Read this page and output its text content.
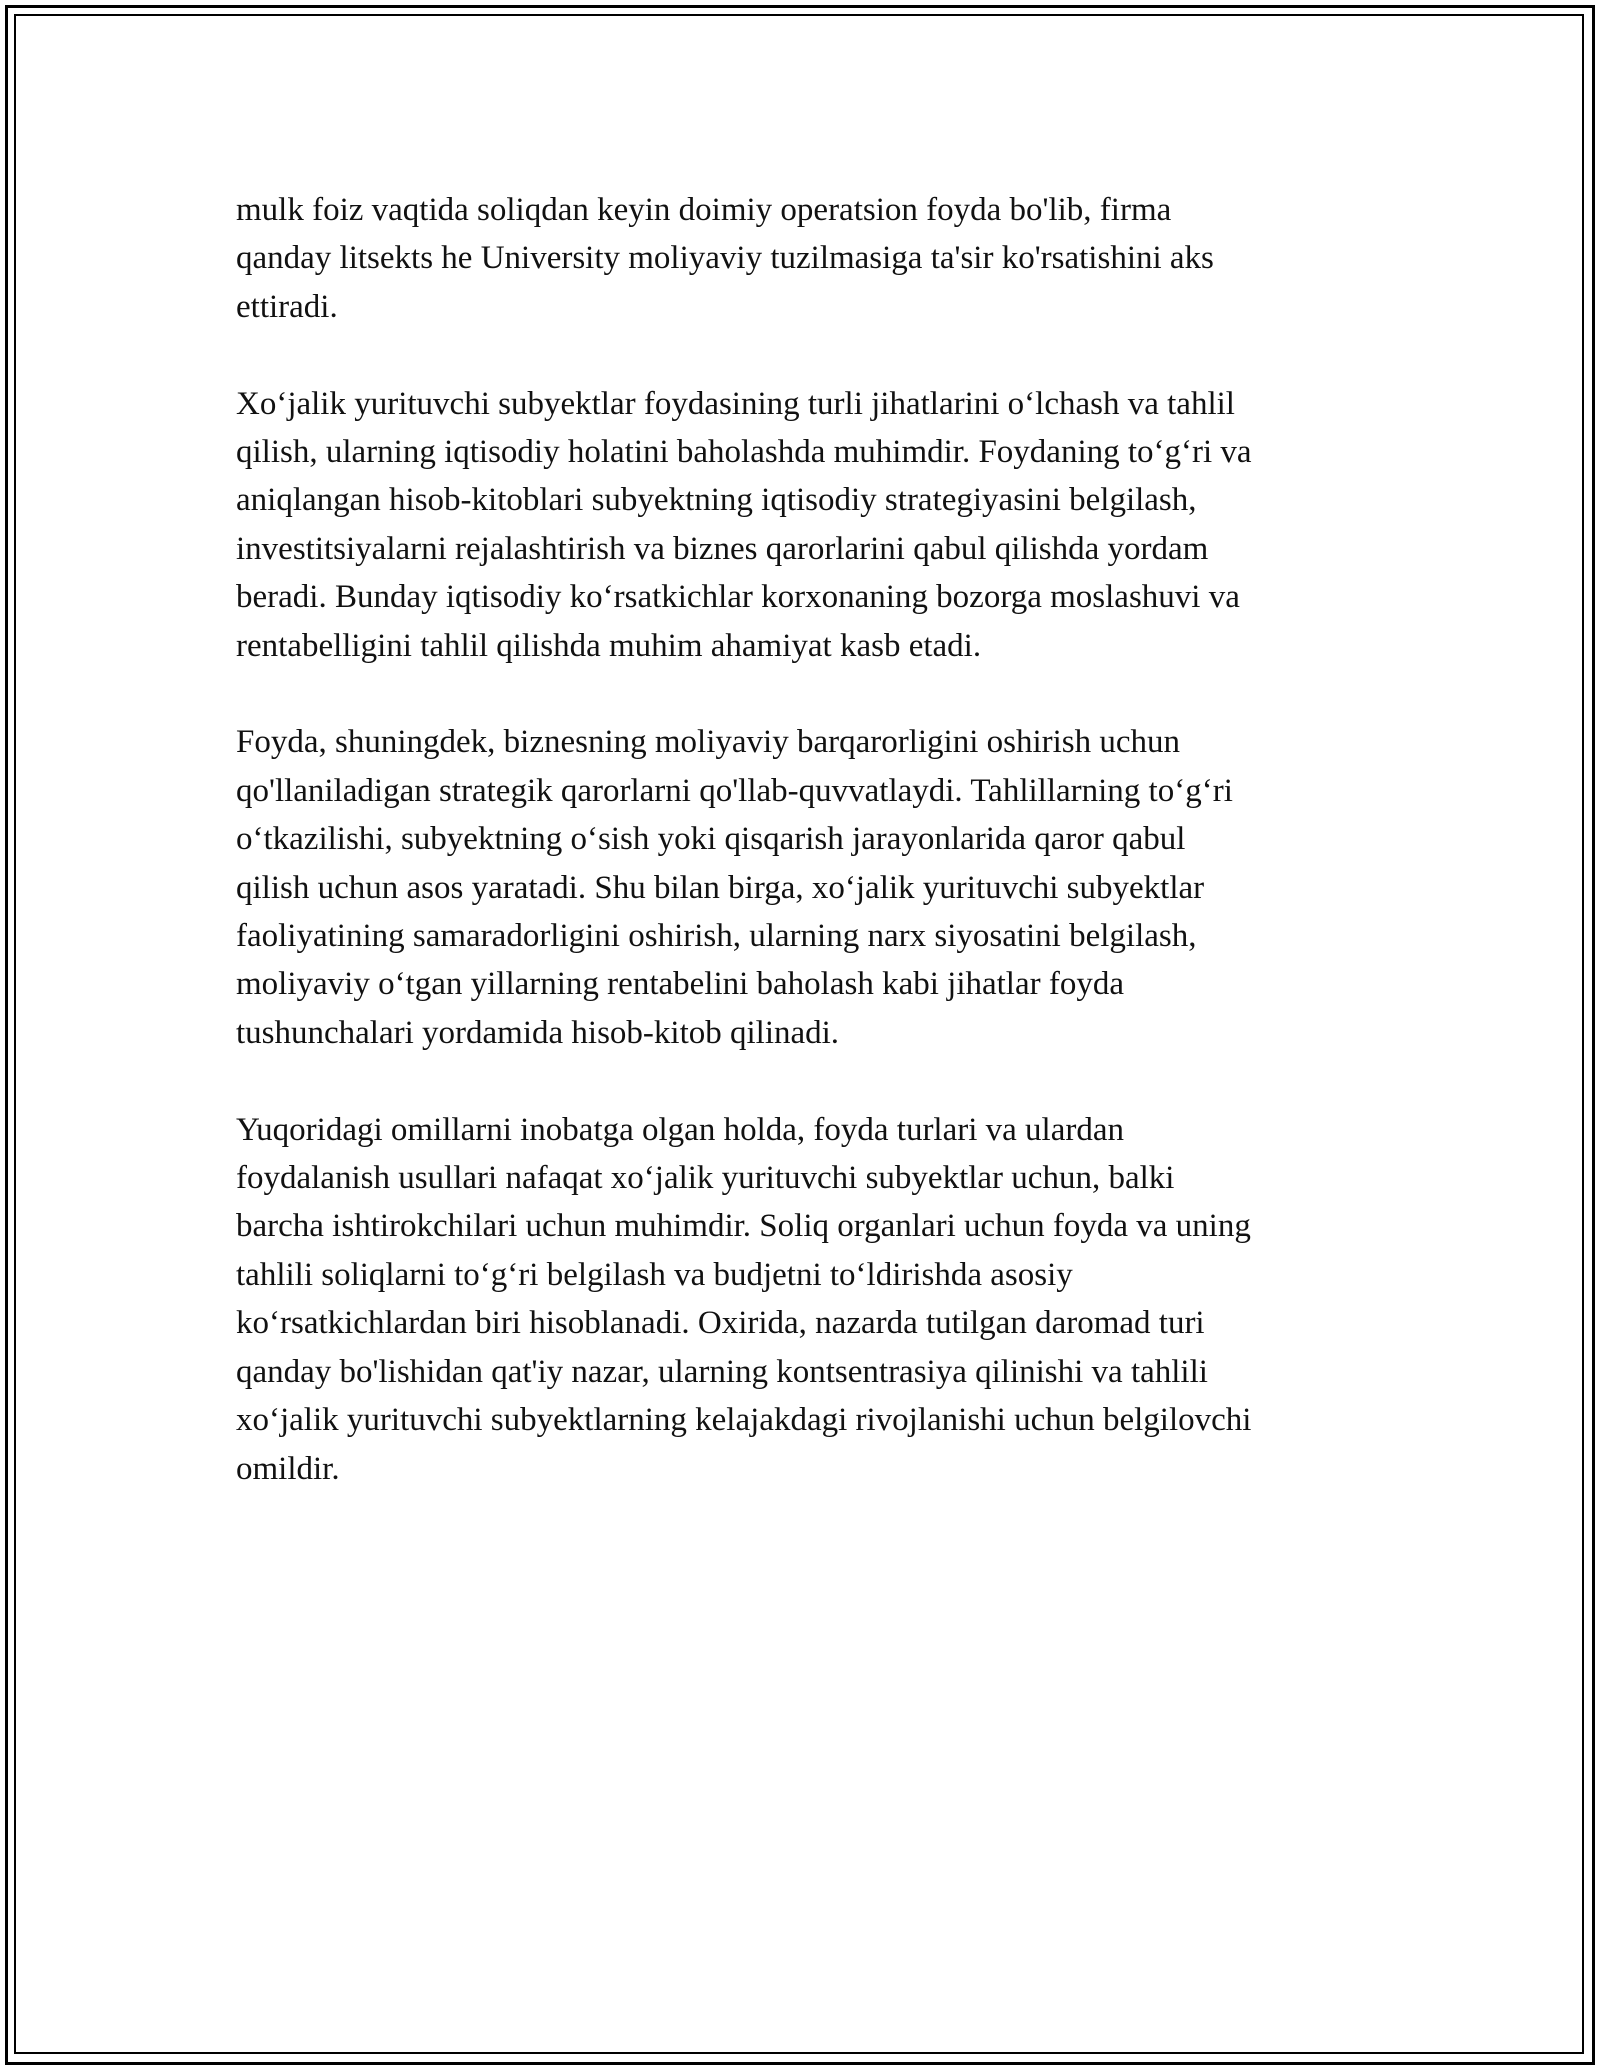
mulk foiz vaqtida soliqdan keyin doimiy operatsion foyda bo'lib, firma
qanday litsekts he University moliyaviy tuzilmasiga ta'sir ko'rsatishini aks
ettiradi.

Xo‘jalik yurituvchi subyektlar foydasining turli jihatlarini o‘lchash va tahlil
qilish, ularning iqtisodiy holatini baholashda muhimdir. Foydaning to‘g‘ri va
aniqlangan hisob-kitoblari subyektning iqtisodiy strategiyasini belgilash,
investitsiyalarni rejalashtirish va biznes qarorlarini qabul qilishda yordam
beradi. Bunday iqtisodiy ko‘rsatkichlar korxonaning bozorga moslashuvi va
rentabelligini tahlil qilishda muhim ahamiyat kasb etadi.

Foyda, shuningdek, biznesning moliyaviy barqarorligini oshirish uchun
qo'llaniladigan strategik qarorlarni qo'llab-quvvatlaydi. Tahlillarning to‘g‘ri
o‘tkazilishi, subyektning o‘sish yoki qisqarish jarayonlarida qaror qabul
qilish uchun asos yaratadi. Shu bilan birga, xo‘jalik yurituvchi subyektlar
faoliyatining samaradorligini oshirish, ularning narx siyosatini belgilash,
moliyaviy o‘tgan yillarning rentabelini baholash kabi jihatlar foyda
tushunchalari yordamida hisob-kitob qilinadi.

Yuqoridagi omillarni inobatga olgan holda, foyda turlari va ulardan
foydalanish usullari nafaqat xo‘jalik yurituvchi subyektlar uchun, balki
barcha ishtirokchilari uchun muhimdir. Soliq organlari uchun foyda va uning
tahlili soliqlarni to‘g‘ri belgilash va budjetni to‘ldirishda asosiy
ko‘rsatkichlardan biri hisoblanadi. Oxirida, nazarda tutilgan daromad turi
qanday bo'lishidan qat'iy nazar, ularning kontsentrasiya qilinishi va tahlili
xo‘jalik yurituvchi subyektlarning kelajakdagi rivojlanishi uchun belgilovchi
omildir.
